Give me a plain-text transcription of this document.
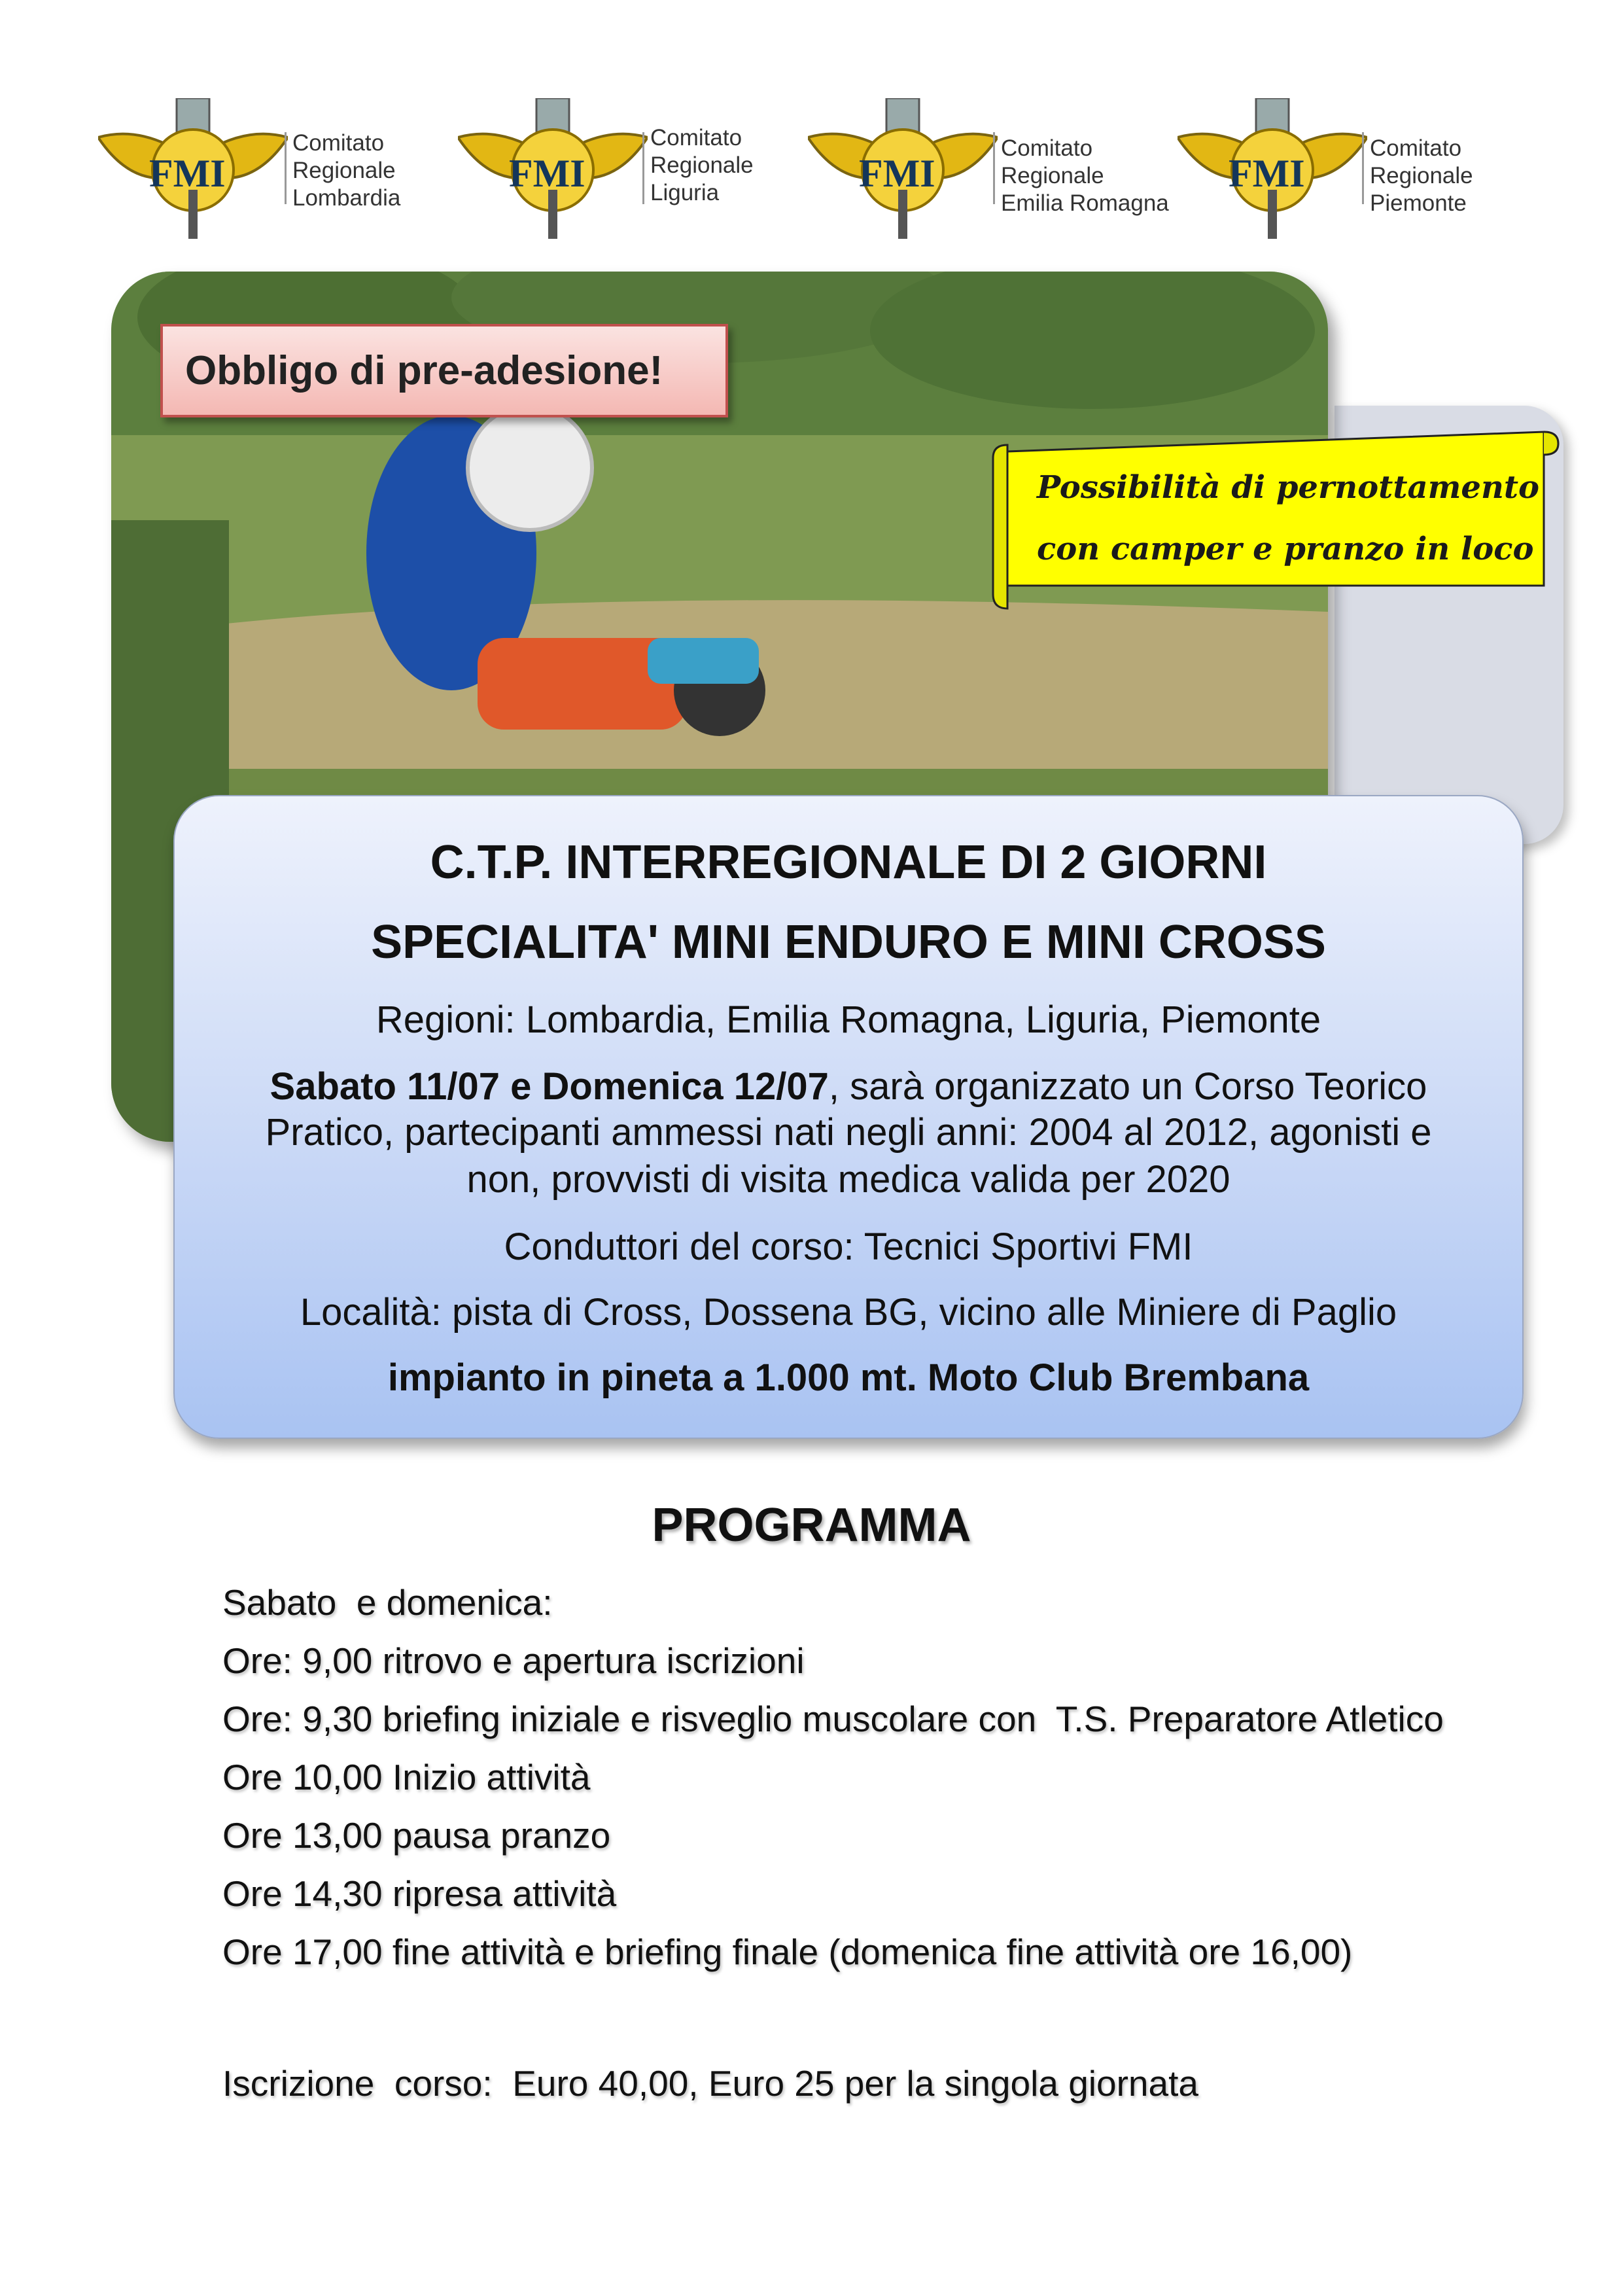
FMI
Comitato
Regionale
Lombardia
FMI
Comitato
Regionale
Liguria	FMI
Comitato
Regionale
Emilia Romagna
FMI
Comitato
Regionale
Piemonte
Obbligo di pre-adesione!
Possibilità di pernottamento
con camper e pranzo in loco
C.T.P. INTERREGIONALE DI 2 GIORNI
SPECIALITA' MINI ENDURO E MINI CROSS
Regioni: Lombardia, Emilia Romagna, Liguria, Piemonte
Sabato 11/07 e Domenica 12/07, sarà organizzato un Corso Teorico
Pratico, partecipanti ammessi nati negli anni: 2004 al 2012, agonisti e
non, provvisti di visita medica valida per 2020
Conduttori del corso: Tecnici Sportivi FMI
Località: pista di Cross, Dossena BG, vicino alle Miniere di Paglio
impianto in pineta a 1.000 mt. Moto Club Brembana
PROGRAMMA
Sabato  e domenica:
Ore: 9,00 ritrovo e apertura iscrizioni
Ore: 9,30 briefing iniziale e risveglio muscolare con  T.S. Preparatore Atletico
Ore 10,00 Inizio attività
Ore 13,00 pausa pranzo
Ore 14,30 ripresa attività
Ore 17,00 fine attività e briefing finale (domenica fine attività ore 16,00)
Iscrizione  corso:  Euro 40,00, Euro 25 per la singola giornata
